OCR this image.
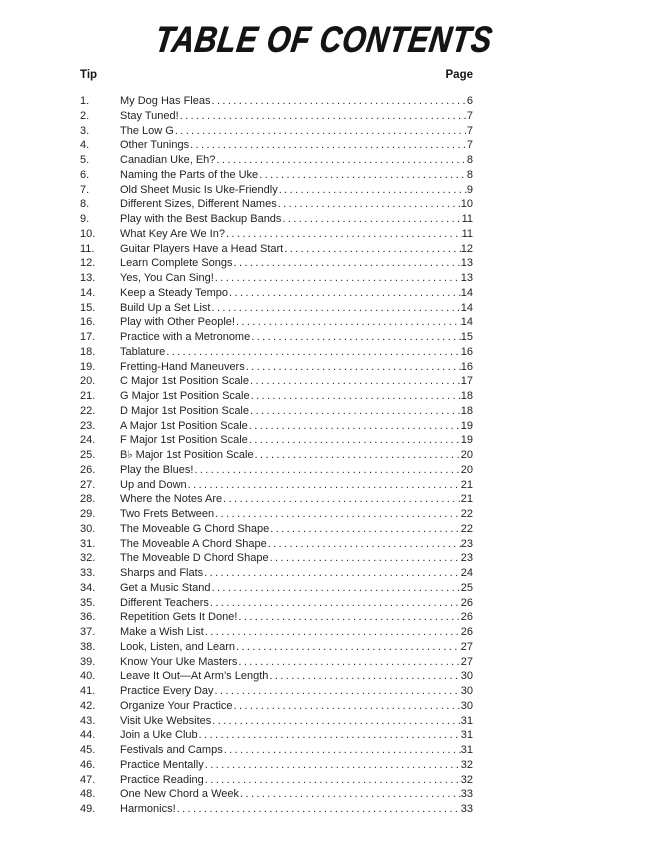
TABLE OF CONTENTS
Tip	Page
1.	My Dog Has Fleas .....	6
2.	Stay Tuned! .....	7
3.	The Low G .....	7
4.	Other Tunings .....	7
5.	Canadian Uke, Eh? .....	8
6.	Naming the Parts of the Uke .....	8
7.	Old Sheet Music Is Uke-Friendly .....	9
8.	Different Sizes, Different Names .....	10
9.	Play with the Best Backup Bands .....	11
10.	What Key Are We In? .....	11
11.	Guitar Players Have a Head Start .....	12
12.	Learn Complete Songs .....	13
13.	Yes, You Can Sing! .....	13
14.	Keep a Steady Tempo .....	14
15.	Build Up a Set List .....	14
16.	Play with Other People! .....	14
17.	Practice with a Metronome .....	15
18.	Tablature .....	16
19.	Fretting-Hand Maneuvers .....	16
20.	C Major 1st Position Scale .....	17
21.	G Major 1st Position Scale .....	18
22.	D Major 1st Position Scale .....	18
23.	A Major 1st Position Scale .....	19
24.	F Major 1st Position Scale .....	19
25.	B♭ Major 1st Position Scale .....	20
26.	Play the Blues! .....	20
27.	Up and Down .....	21
28.	Where the Notes Are .....	21
29.	Two Frets Between .....	22
30.	The Moveable G Chord Shape .....	22
31.	The Moveable A Chord Shape .....	23
32.	The Moveable D Chord Shape .....	23
33.	Sharps and Flats .....	24
34.	Get a Music Stand .....	25
35.	Different Teachers .....	26
36.	Repetition Gets It Done! .....	26
37.	Make a Wish List .....	26
38.	Look, Listen, and Learn .....	27
39.	Know Your Uke Masters .....	27
40.	Leave It Out—At Arm’s Length .....	30
41.	Practice Every Day .....	30
42.	Organize Your Practice .....	30
43.	Visit Uke Websites .....	31
44.	Join a Uke Club .....	31
45.	Festivals and Camps .....	31
46.	Practice Mentally .....	32
47.	Practice Reading .....	32
48.	One New Chord a Week .....	33
49.	Harmonics! .....	33
